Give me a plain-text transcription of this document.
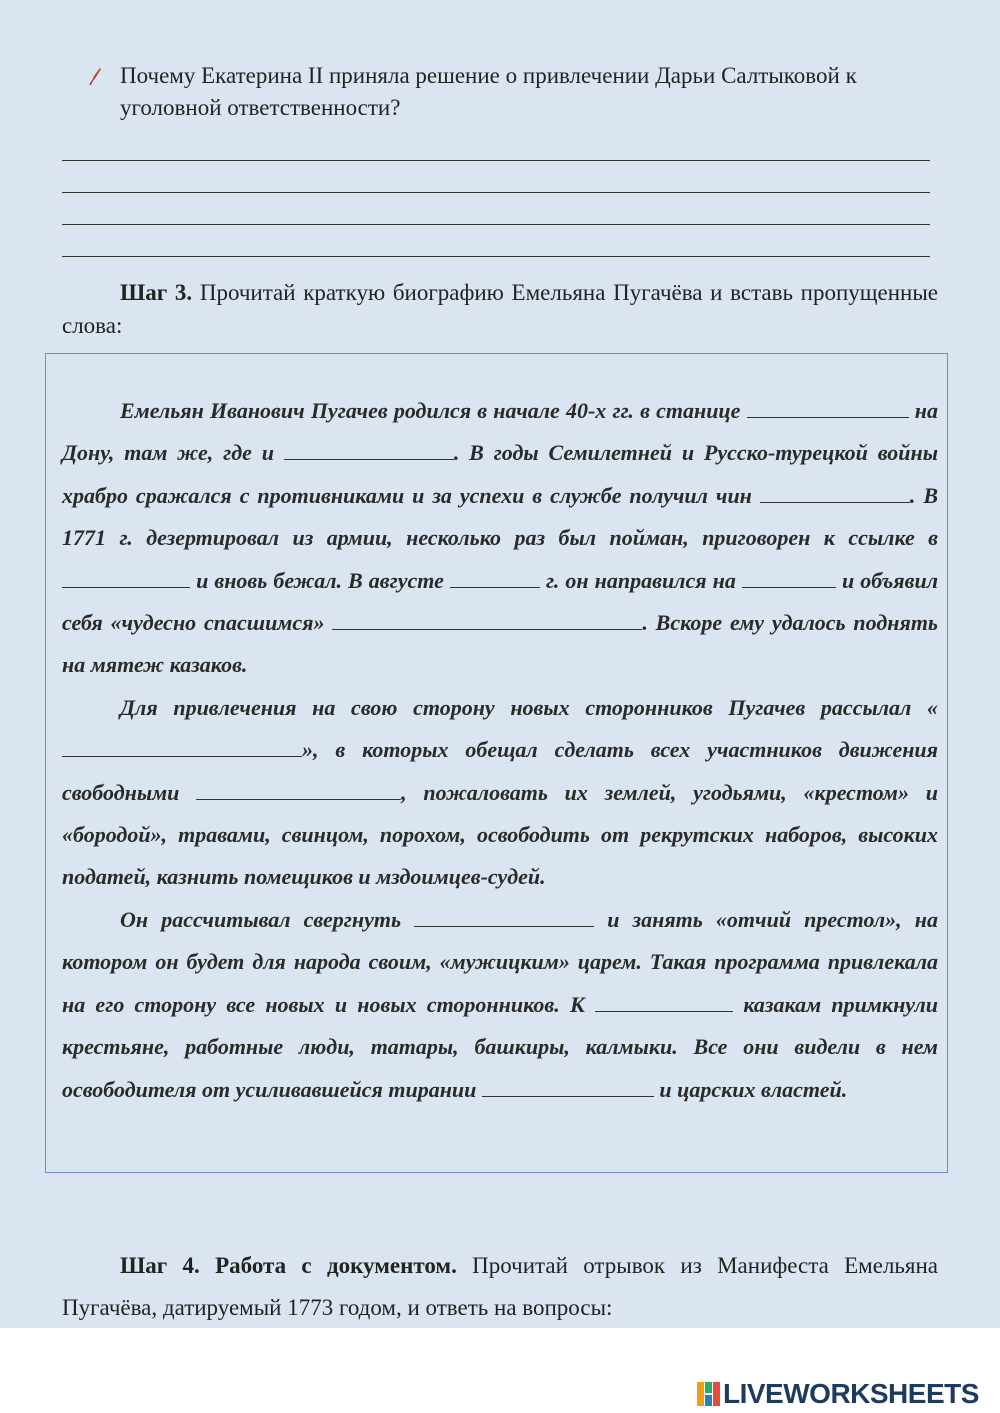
Почему Екатерина II приняла решение о привлечении Дарьи Салтыковой к уголовной ответственности?
Шаг 3. Прочитай краткую биографию Емельяна Пугачёва и вставь пропущенные слова:

Емельян Иванович Пугачев родился в начале 40-х гг. в станице	на Дону, там же, где и	. В годы Семилетней и Русско-турецкой войны храбро сражался с противниками и за успехи в службе получил чин	. В 1771 г. дезертировал из армии, несколько раз был пойман, приговорен к ссылке в  и вновь бежал. В августе	г. он направился на	и объявил себя «чудесно спасшимся»	. Вскоре ему удалось поднять на мятеж казаков.

Для привлечения на свою сторону новых сторонников Пугачев рассылал «», в которых обещал сделать всех участников движения свободными	, пожаловать их землей, угодьями, «крестом» и «бородой», травами, свинцом, порохом, освободить от рекрутских наборов, высоких податей, казнить помещиков и мздоимцев-судей.

Он рассчитывал свергнуть	и занять «отчий престол», на котором он будет для народа своим, «мужицким» царем. Такая программа привлекала на его сторону все новых и новых сторонников. К	казакам примкнули крестьяне, работные люди, татары, башкиры, калмыки. Все они видели в нем освободителя от усиливавшейся тирании	и царских властей.

Шаг 4. Работа с документом. Прочитай отрывок из Манифеста Емельяна Пугачёва, датируемый 1773 годом, и ответь на вопросы:
LIVEWORKSHEETS
